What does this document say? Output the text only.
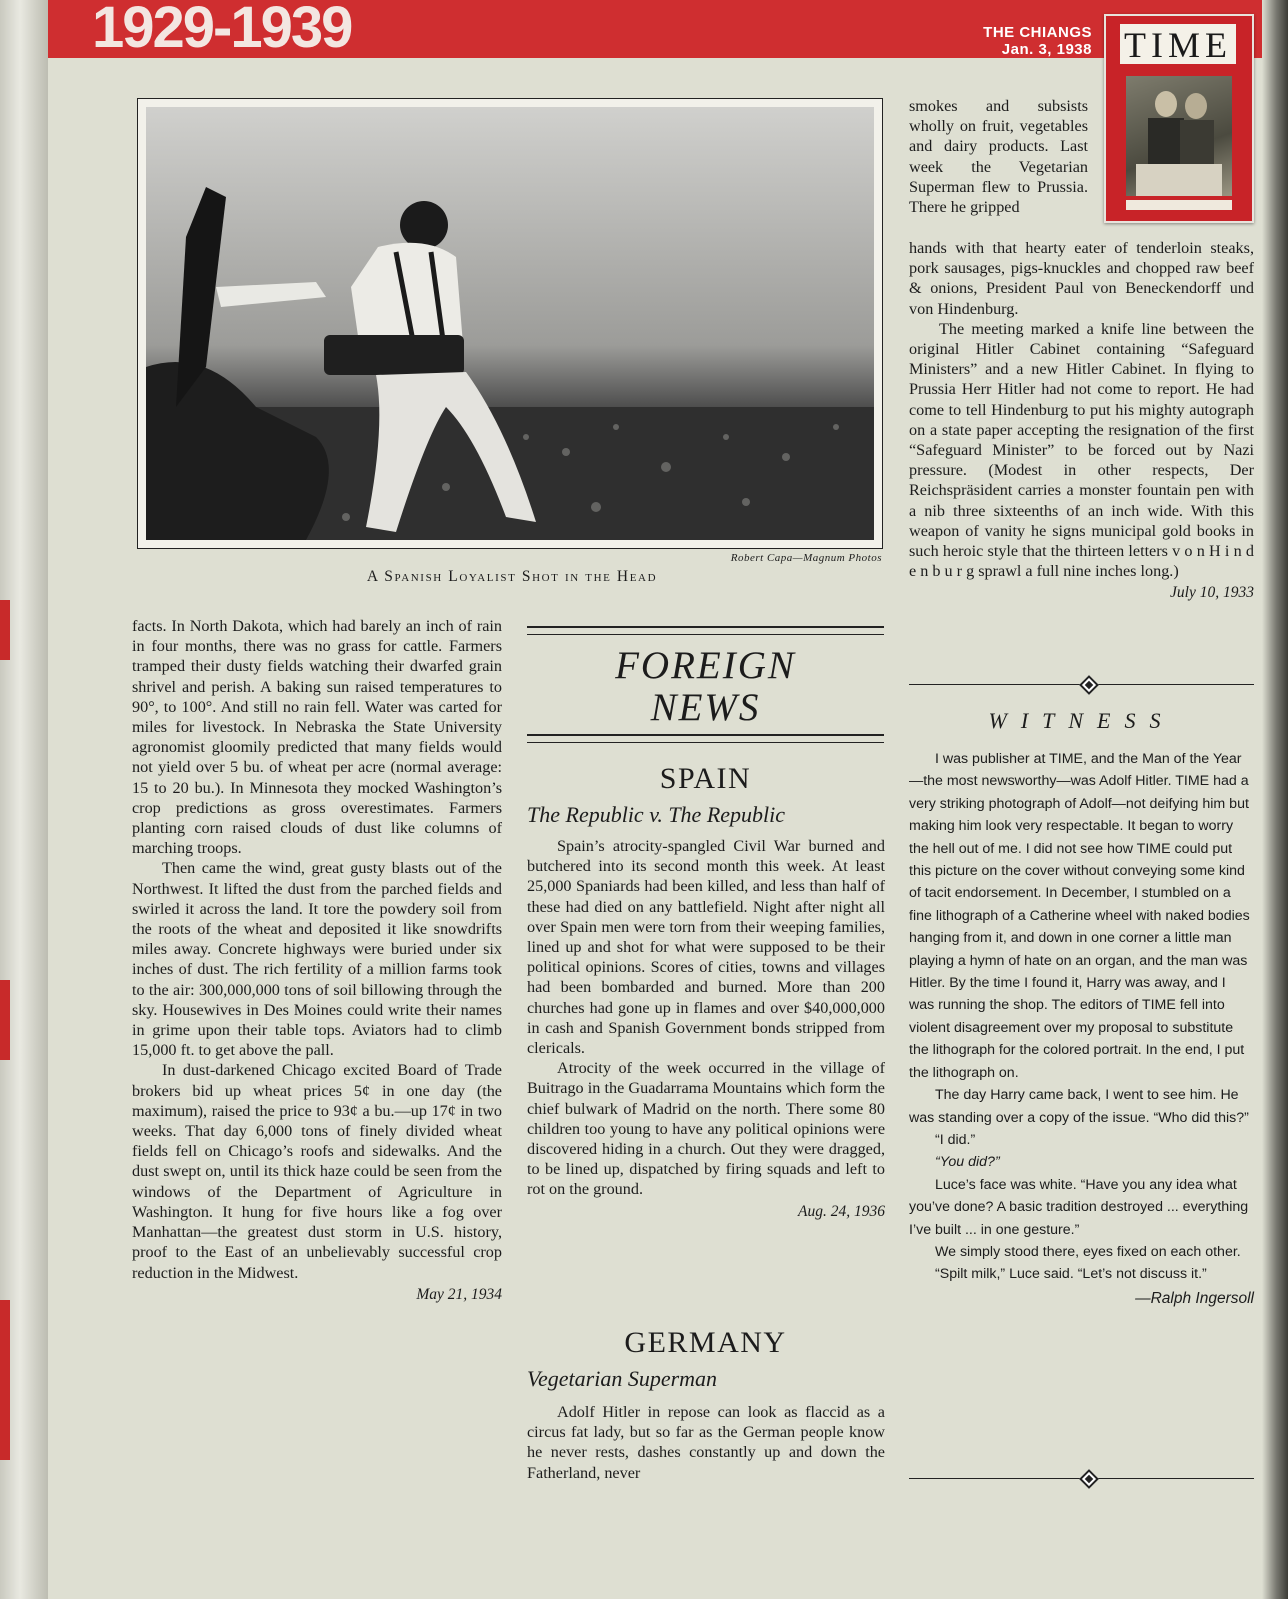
1929-1939	THE CHIANGS
Jan. 3, 1938 TIME
Robert Capa—Magnum Photos
A Spanish Loyalist Shot in the Head

facts. In North Dakota, which had barely an inch of rain in four months, there was no grass for cattle. Farmers tramped their dusty fields watching their dwarfed grain shrivel and perish. A baking sun raised temperatures to 90°, to 100°. And still no rain fell. Water was carted for miles for livestock. In Nebraska the State University agronomist gloomily predicted that many fields would not yield over 5 bu. of wheat per acre (normal average: 15 to 20 bu.). In Minnesota they mocked Washington’s crop predictions as gross overestimates. Farmers planting corn raised clouds of dust like columns of marching troops.

Then came the wind, great gusty blasts out of the Northwest. It lifted the dust from the parched fields and swirled it across the land. It tore the powdery soil from the roots of the wheat and deposited it like snowdrifts miles away. Concrete highways were buried under six inches of dust. The rich fertility of a million farms took to the air: 300,000,000 tons of soil billowing through the sky. Housewives in Des Moines could write their names in grime upon their table tops. Aviators had to climb 15,000 ft. to get above the pall.

In dust-darkened Chicago excited Board of Trade brokers bid up wheat prices 5¢ in one day (the maximum), raised the price to 93¢ a bu.—up 17¢ in two weeks. That day 6,000 tons of finely divided wheat fields fell on Chicago’s roofs and sidewalks. And the dust swept on, until its thick haze could be seen from the windows of the Department of Agriculture in Washington. It hung for five hours like a fog over Manhattan—the greatest dust storm in U.S. history, proof to the East of an unbelievably successful crop reduction in the Midwest.

May 21, 1934
FOREIGN
NEWS
SPAIN
The Republic v. The Republic

Spain’s atrocity-spangled Civil War burned and butchered into its second month this week. At least 25,000 Spaniards had been killed, and less than half of these had died on any battlefield. Night after night all over Spain men were torn from their weeping families, lined up and shot for what were supposed to be their political opinions. Scores of cities, towns and villages had been bombarded and burned. More than 200 churches had gone up in flames and over $40,000,000 in cash and Spanish Government bonds stripped from clericals.

Atrocity of the week occurred in the village of Buitrago in the Guadarrama Mountains which form the chief bulwark of Madrid on the north. There some 80 children too young to have any political opinions were discovered hiding in a church. Out they were dragged, to be lined up, dispatched by firing squads and left to rot on the ground.

Aug. 24, 1936
GERMANY
Vegetarian Superman

Adolf Hitler in repose can look as flaccid as a circus fat lady, but so far as the German people know he never rests, dashes constantly up and down the Fatherland, never

smokes and subsists wholly on fruit, vegetables and dairy products. Last week the Vegetarian Superman flew to Prussia. There he gripped

hands with that hearty eater of tenderloin steaks, pork sausages, pigs-knuckles and chopped raw beef & onions, President Paul von Beneckendorff und von Hindenburg.

The meeting marked a knife line between the original Hitler Cabinet containing “Safeguard Ministers” and a new Hitler Cabinet. In flying to Prussia Herr Hitler had not come to report. He had come to tell Hindenburg to put his mighty autograph on a state paper accepting the resignation of the first “Safeguard Minister” to be forced out by Nazi pressure. (Modest in other respects, Der Reichspräsident carries a monster fountain pen with a nib three sixteenths of an inch wide. With this weapon of vanity he signs municipal gold books in such heroic style that the thirteen letters v o n H i n d e n b u r g sprawl a full nine inches long.)

July 10, 1933
WITNESS

I was publisher at TIME, and the Man of the Year—the most newsworthy—was Adolf Hitler. TIME had a very striking photograph of Adolf—not deifying him but making him look very respectable. It began to worry the hell out of me. I did not see how TIME could put this picture on the cover without conveying some kind of tacit endorsement. In December, I stumbled on a fine lithograph of a Catherine wheel with naked bodies hanging from it, and down in one corner a little man playing a hymn of hate on an organ, and the man was Hitler. By the time I found it, Harry was away, and I was running the shop. The editors of TIME fell into violent disagreement over my proposal to substitute the lithograph for the colored portrait. In the end, I put the lithograph on.

The day Harry came back, I went to see him. He was standing over a copy of the issue. “Who did this?”

“I did.”

“You did?”

Luce’s face was white. “Have you any idea what you’ve done? A basic tradition destroyed ... everything I’ve built ... in one gesture.”

We simply stood there, eyes fixed on each other.

“Spilt milk,” Luce said. “Let’s not discuss it.”

—Ralph Ingersoll
